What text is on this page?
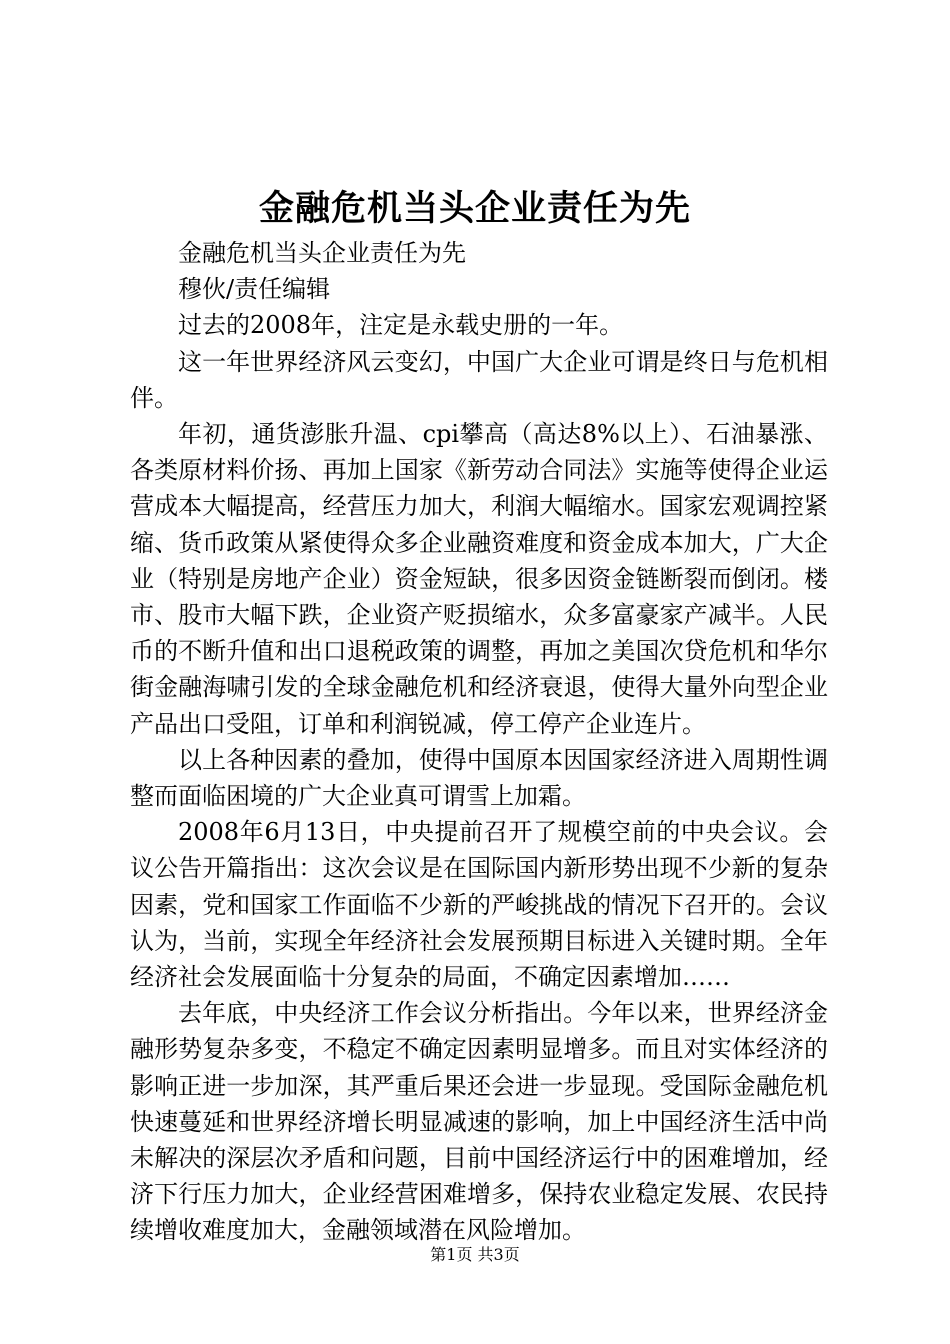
金融危机当头企业责任为先

金融危机当头企业责任为先

穆伙/责任编辑

过去的2008年，注定是永载史册的一年。

这一年世界经济风云变幻，中国广大企业可谓是终日与危机相伴。

年初，通货澎胀升温、cpi攀高（高达8%以上）、石油暴涨、各类原材料价扬、再加上国家《新劳动合同法》实施等使得企业运营成本大幅提高，经营压力加大，利润大幅缩水。国家宏观调控紧缩、货币政策从紧使得众多企业融资难度和资金成本加大，广大企业（特别是房地产企业）资金短缺，很多因资金链断裂而倒闭。楼市、股市大幅下跌，企业资产贬损缩水，众多富豪家产减半。人民币的不断升值和出口退税政策的调整，再加之美国次贷危机和华尔街金融海啸引发的全球金融危机和经济衰退，使得大量外向型企业产品出口受阻，订单和利润锐减，停工停产企业连片。

以上各种因素的叠加，使得中国原本因国家经济进入周期性调整而面临困境的广大企业真可谓雪上加霜。

2008年6月13日，中央提前召开了规模空前的中央会议。会议公告开篇指出：这次会议是在国际国内新形势出现不少新的复杂因素，党和国家工作面临不少新的严峻挑战的情况下召开的。会议认为，当前，实现全年经济社会发展预期目标进入关键时期。全年经济社会发展面临十分复杂的局面，不确定因素增加……

去年底，中央经济工作会议分析指出。今年以来，世界经济金融形势复杂多变，不稳定不确定因素明显增多。而且对实体经济的影响正进一步加深，其严重后果还会进一步显现。受国际金融危机快速蔓延和世界经济增长明显减速的影响，加上中国经济生活中尚未解决的深层次矛盾和问题，目前中国经济运行中的困难增加，经济下行压力加大，企业经营困难增多，保持农业稳定发展、农民持续增收难度加大，金融领域潜在风险增加。

第1页 共3页
